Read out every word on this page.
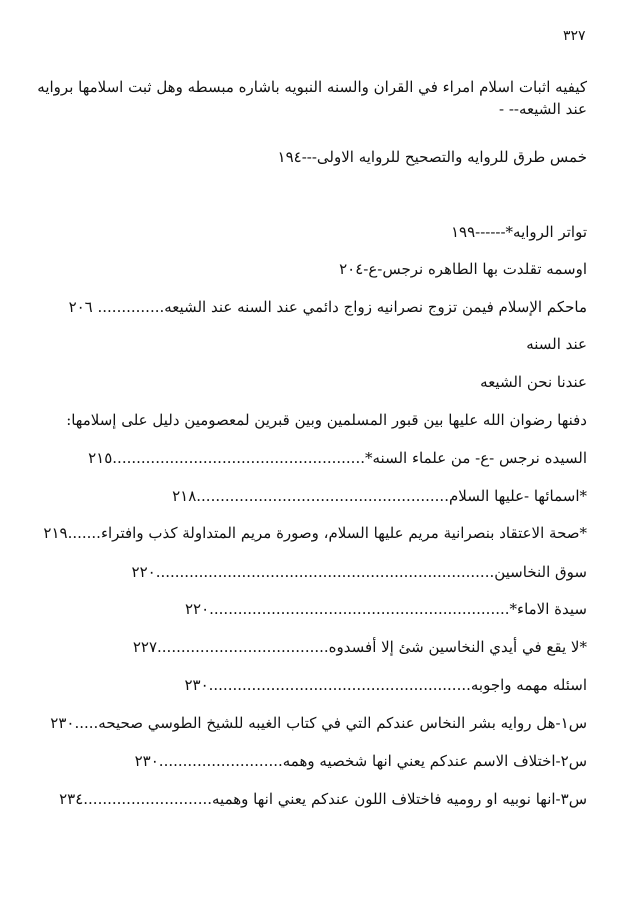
٣٢٧
كيفيه اثبات اسلام امراء في القران والسنه النبويه باشاره مبسطه وهل ثبت اسلامها بروايه عند الشيعه-- -
خمس طرق للروايه والتصحيح للروايه الاولى---١٩٤
تواتر الروايه*------١٩٩
اوسمه تقلدت بها الطاهره نرجس-ع-٢٠٤
ماحكم الإسلام فيمن تزوج نصرانيه زواج دائمي عند السنه عند الشيعه.............. ٢٠٦
عند السنه
عندنا نحن الشيعه
دفنها رضوان الله عليها بين قبور المسلمين وبين قبرين لمعصومين دليل على إسلامها:
السيده نرجس -ع- من علماء السنه*.....................................................٢١٥
*اسمائها -عليها السلام.....................................................٢١٨
*صحة الاعتقاد بنصرانية مريم عليها السلام، وصورة مريم المتداولة كذب وافتراء.......٢١٩
سوق النخاسين.......................................................................٢٢٠
سيدة الاماء*...............................................................٢٢٠
*لا يقع في أيدي النخاسين شئ إلا أفسدوه....................................٢٢٧
اسئله مهمه واجوبه.......................................................٢٣٠
س١-هل روايه بشر النخاس عندكم التي في كتاب الغيبه للشيخ الطوسي صحيحه.....٢٣٠
س٢-اختلاف الاسم عندكم يعني انها شخصيه وهمه..........................٢٣٠
س٣-انها نوبيه او روميه فاختلاف اللون عندكم يعني انها وهميه...........................٢٣٤
